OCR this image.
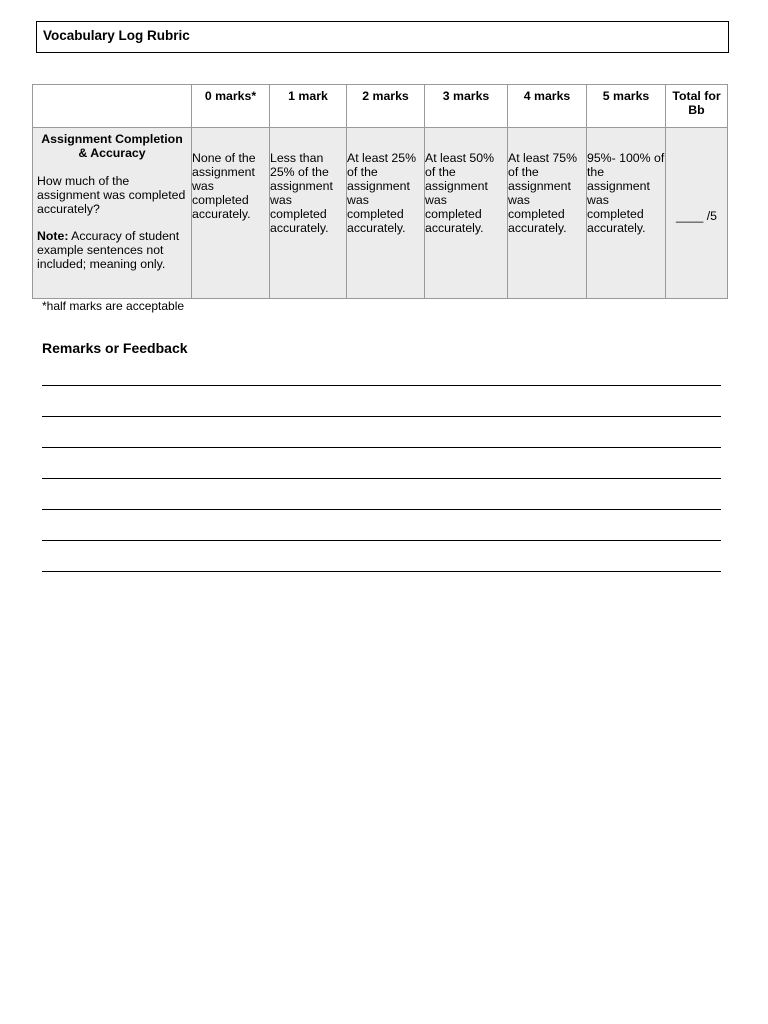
Vocabulary Log Rubric
	0 marks*	1 mark	2 marks	3 marks	4 marks	5 marks	Total for Bb

Assignment Completion & Accuracy
How much of the assignment was completed accurately?
Note: Accuracy of student example sentences not included; meaning only.	None of the assignment was completed accurately.	Less than 25% of the assignment was completed accurately.	At least 25% of the assignment was completed accurately.	At least 50% of the assignment was completed accurately.	At least 75% of the assignment was completed accurately.	95%- 100% of the assignment was completed accurately.	____ /5
*half marks are acceptable
Remarks or Feedback
